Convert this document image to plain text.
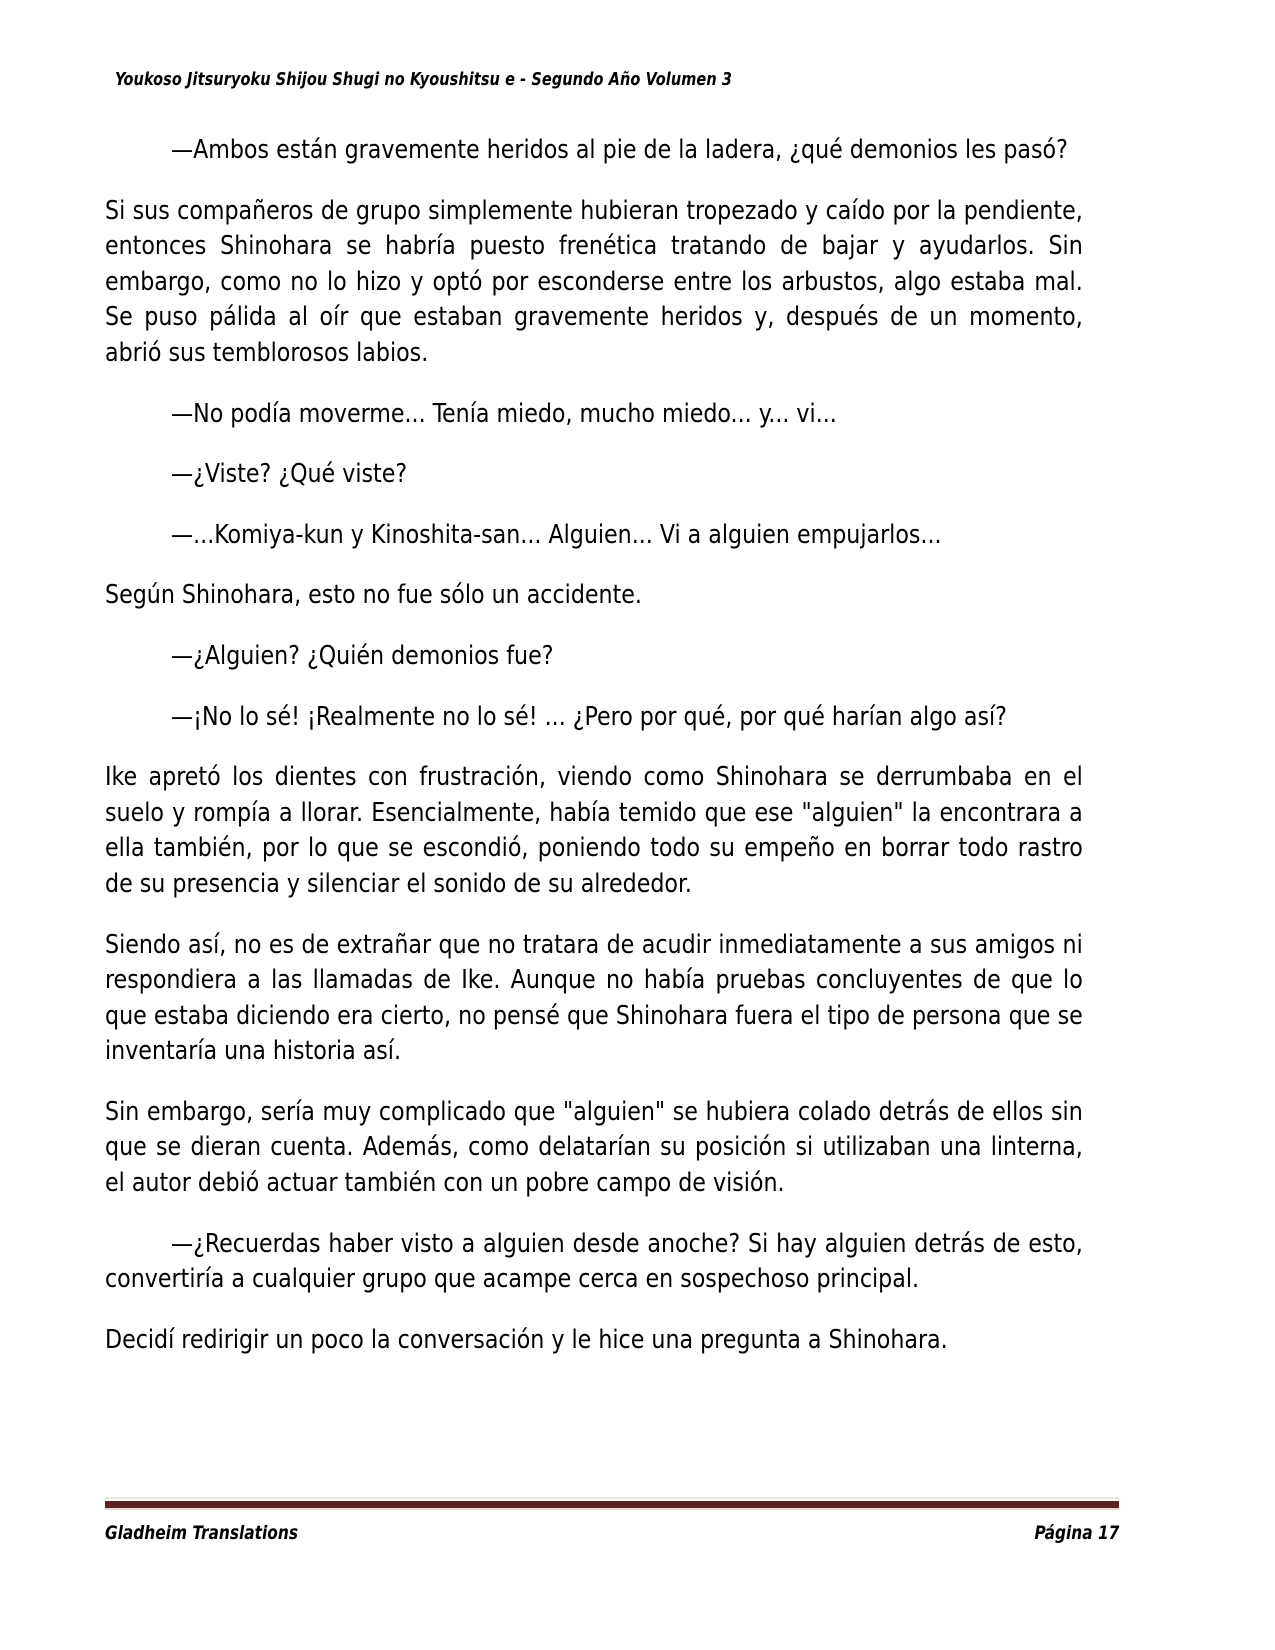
Youkoso Jitsuryoku Shijou Shugi no Kyoushitsu e - Segundo Año Volumen 3

—Ambos están gravemente heridos al pie de la ladera, ¿qué demonios les pasó?

Si sus compañeros de grupo simplemente hubieran tropezado y caído por la pendiente, entonces Shinohara se habría puesto frenética tratando de bajar y ayudarlos. Sin embargo, como no lo hizo y optó por esconderse entre los arbustos, algo estaba mal. Se puso pálida al oír que estaban gravemente heridos y, después de un momento, abrió sus temblorosos labios.

—No podía moverme... Tenía miedo, mucho miedo... y... vi...

—¿Viste? ¿Qué viste?

—...Komiya-kun y Kinoshita-san... Alguien... Vi a alguien empujarlos...

Según Shinohara, esto no fue sólo un accidente.

—¿Alguien? ¿Quién demonios fue?

—¡No lo sé! ¡Realmente no lo sé! ... ¿Pero por qué, por qué harían algo así?

Ike apretó los dientes con frustración, viendo como Shinohara se derrumbaba en el suelo y rompía a llorar. Esencialmente, había temido que ese "alguien" la encontrara a ella también, por lo que se escondió, poniendo todo su empeño en borrar todo rastro de su presencia y silenciar el sonido de su alrededor.

Siendo así, no es de extrañar que no tratara de acudir inmediatamente a sus amigos ni respondiera a las llamadas de Ike. Aunque no había pruebas concluyentes de que lo que estaba diciendo era cierto, no pensé que Shinohara fuera el tipo de persona que se inventaría una historia así.

Sin embargo, sería muy complicado que "alguien" se hubiera colado detrás de ellos sin que se dieran cuenta. Además, como delatarían su posición si utilizaban una linterna, el autor debió actuar también con un pobre campo de visión.

—¿Recuerdas haber visto a alguien desde anoche? Si hay alguien detrás de esto, convertiría a cualquier grupo que acampe cerca en sospechoso principal.

Decidí redirigir un poco la conversación y le hice una pregunta a Shinohara.

Gladheim Translations	Página 17
